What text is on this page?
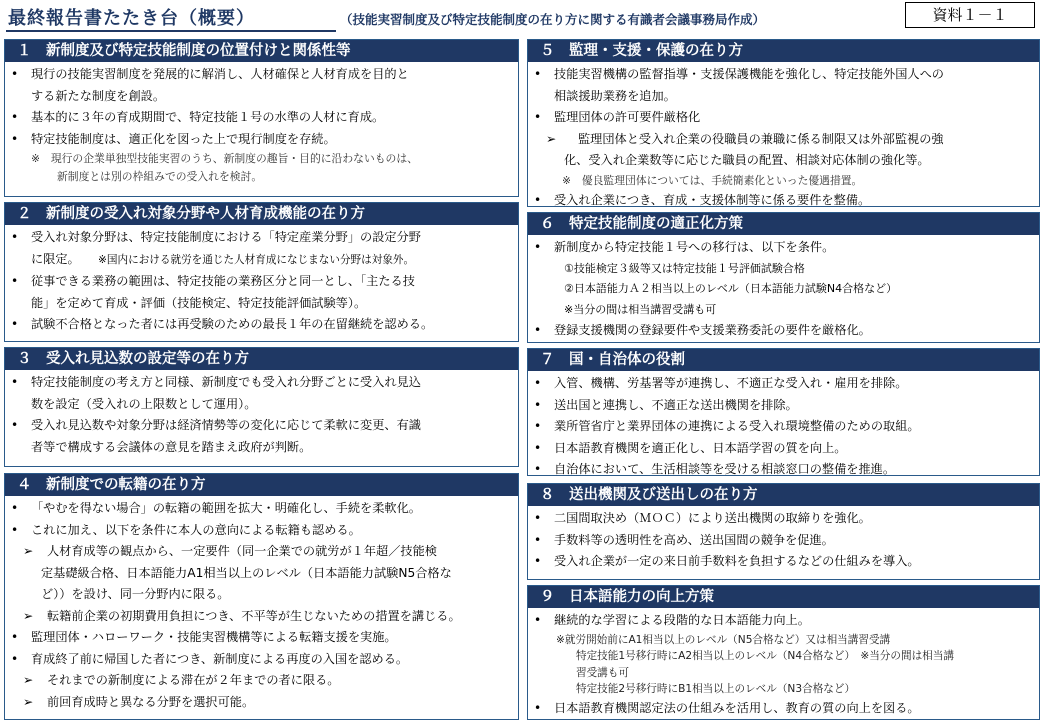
最終報告書たたき台（概要）	（技能実習制度及び特定技能制度の在り方に関する有識者会議事務局作成）	資料１－１
１　新制度及び特定技能制度の位置付けと関係性等
• 現行の技能実習制度を発展的に解消し、人材確保と人材育成を目的と
する新たな制度を創設。
• 基本的に３年の育成期間で、特定技能１号の水準の人材に育成。
• 特定技能制度は、適正化を図った上で現行制度を存続。
※　現行の企業単独型技能実習のうち、新制度の趣旨・目的に沿わないものは、
新制度とは別の枠組みでの受入れを検討。
２　新制度の受入れ対象分野や人材育成機能の在り方
• 受入れ対象分野は、特定技能制度における「特定産業分野」の設定分野
に限定。　　 ※国内における就労を通じた人材育成になじまない分野は対象外。
• 従事できる業務の範囲は、特定技能の業務区分と同一とし、「主たる技
能」を定めて育成・評価（技能検定、特定技能評価試験等）。
• 試験不合格となった者には再受験のための最長１年の在留継続を認める。
３　受入れ見込数の設定等の在り方
• 特定技能制度の考え方と同様、新制度でも受入れ分野ごとに受入れ見込
数を設定（受入れの上限数として運用）。
• 受入れ見込数や対象分野は経済情勢等の変化に応じて柔軟に変更、有識
者等で構成する会議体の意見を踏まえ政府が判断。
４　新制度での転籍の在り方
• 「やむを得ない場合」の転籍の範囲を拡大・明確化し、手続を柔軟化。
• これに加え、以下を条件に本人の意向による転籍も認める。
➢ 人材育成等の観点から、一定要件（同一企業での就労が１年超／技能検
定基礎級合格、日本語能力A1相当以上のレベル（日本語能力試験N5合格な
ど））を設け、同一分野内に限る。
➢ 転籍前企業の初期費用負担につき、不平等が生じないための措置を講じる。
• 監理団体・ハローワーク・技能実習機構等による転籍支援を実施。
• 育成終了前に帰国した者につき、新制度による再度の入国を認める。
➢ それまでの新制度による滞在が２年までの者に限る。
➢ 前回育成時と異なる分野を選択可能。
５　監理・支援・保護の在り方
• 技能実習機構の監督指導・支援保護機能を強化し、特定技能外国人への
相談援助業務を追加。
• 監理団体の許可要件厳格化
➢ 監理団体と受入れ企業の役職員の兼職に係る制限又は外部監視の強
化、受入れ企業数等に応じた職員の配置、相談対応体制の強化等。
※　優良監理団体については、手続簡素化といった優遇措置。
• 受入れ企業につき、育成・支援体制等に係る要件を整備。
６　特定技能制度の適正化方策
• 新制度から特定技能１号への移行は、以下を条件。
①技能検定３級等又は特定技能１号評価試験合格
②日本語能力Ａ２相当以上のレベル（日本語能力試験N4合格など）
※当分の間は相当講習受講も可
• 登録支援機関の登録要件や支援業務委託の要件を厳格化。
７　国・自治体の役割
• 入管、機構、労基署等が連携し、不適正な受入れ・雇用を排除。
• 送出国と連携し、不適正な送出機関を排除。
• 業所管省庁と業界団体の連携による受入れ環境整備のための取組。
• 日本語教育機関を適正化し、日本語学習の質を向上。
• 自治体において、生活相談等を受ける相談窓口の整備を推進。
８　送出機関及び送出しの在り方
• 二国間取決め（ＭＯＣ）により送出機関の取締りを強化。
• 手数料等の透明性を高め、送出国間の競争を促進。
• 受入れ企業が一定の来日前手数料を負担するなどの仕組みを導入。
９　日本語能力の向上方策
• 継続的な学習による段階的な日本語能力向上。
※就労開始前にA1相当以上のレベル（N5合格など）又は相当講習受講
特定技能1号移行時にA2相当以上のレベル（N4合格など）　※当分の間は相当講
習受講も可
特定技能2号移行時にB1相当以上のレベル（N3合格など）
• 日本語教育機関認定法の仕組みを活用し、教育の質の向上を図る。
